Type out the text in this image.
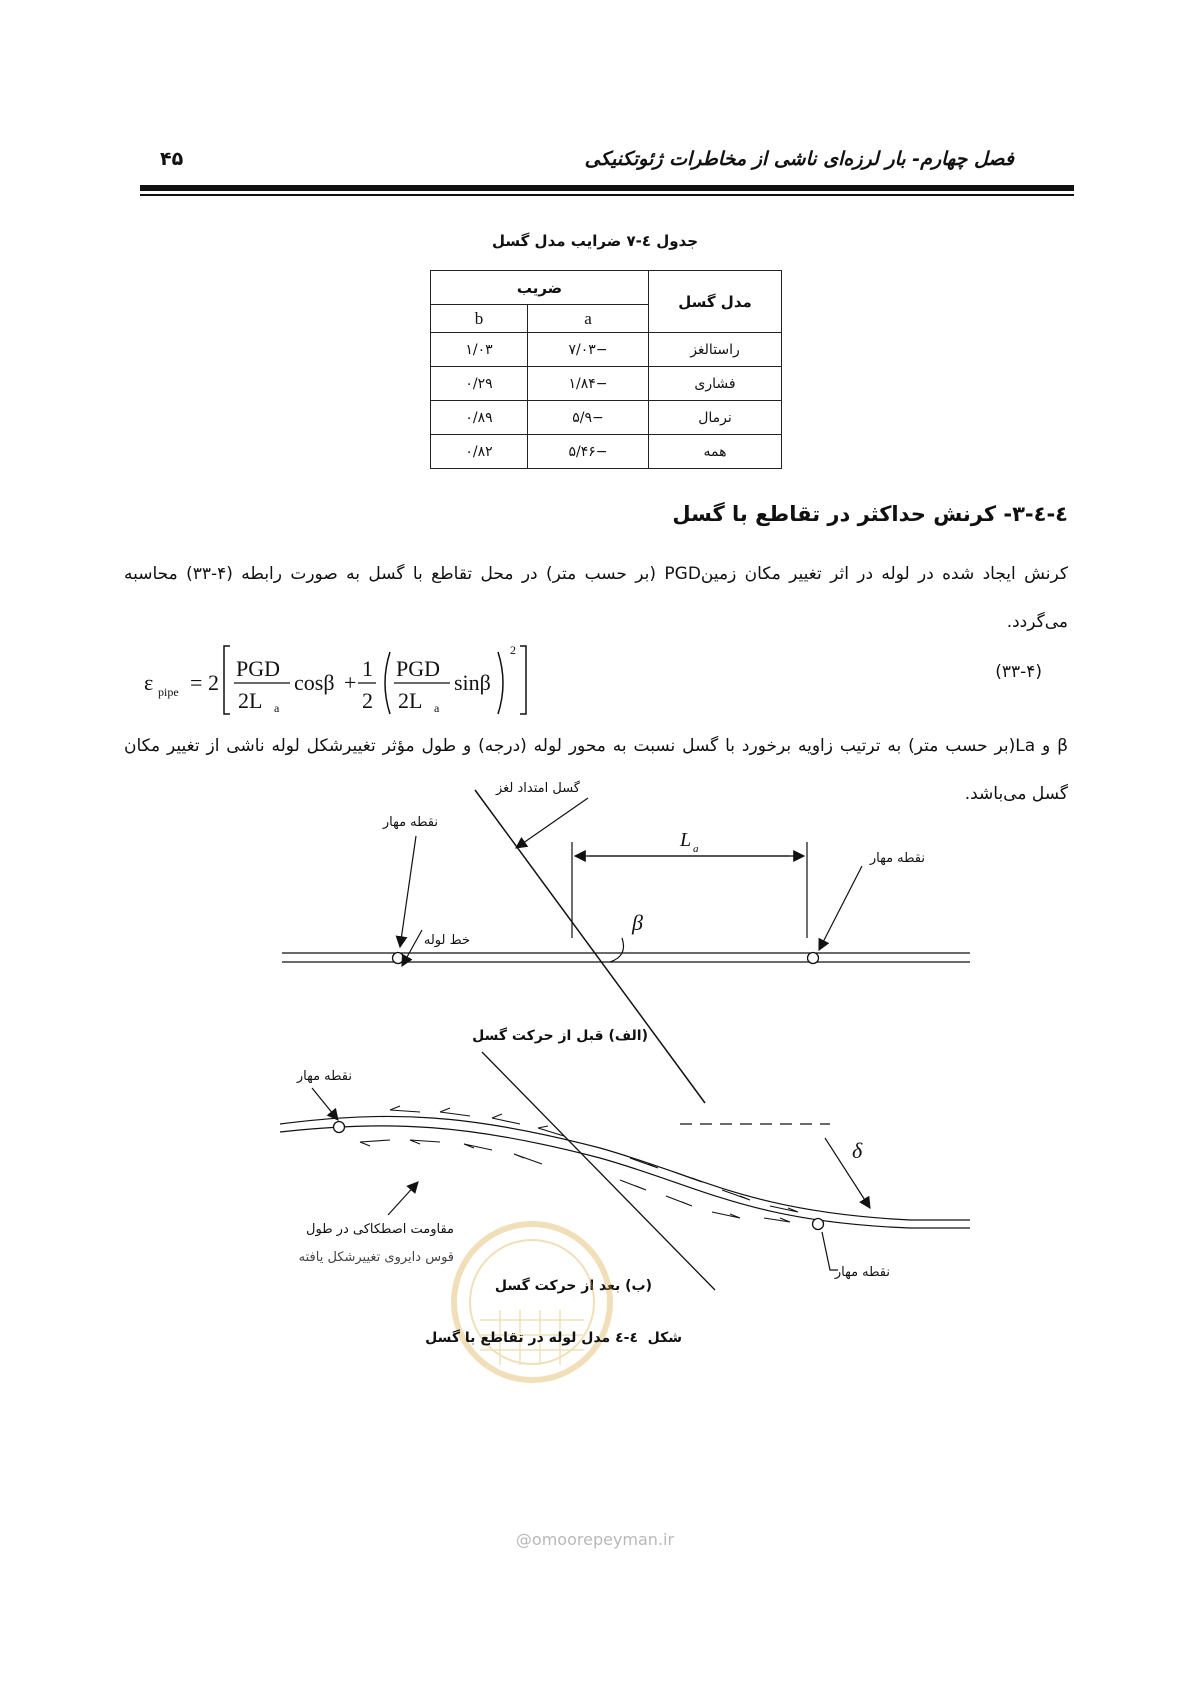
۴۵	فصل چهارم- بار لرزه‌ای ناشی از مخاطرات ژئوتکنیکی
جدول ٤-۷ ضرایب مدل گسل
مدل گسل	ضریب	
	a	b
راستالغز	−۷/۰۳	۱/۰۳
فشاری	−۱/۸۴	۰/۲۹
نرمال	−۵/۹	۰/۸۹
همه	−۵/۴۶	۰/۸۲
٤-٤-۳- کرنش حداکثر در تقاطع با گسل
کرنش ایجاد شده در لوله در اثر تغییر مکان زمینPGD (بر حسب متر) در محل تقاطع با گسل به صورت رابطه (۴-۳۳) محاسبه می‌گردد.
ε pipe = 2
PGD
2L a
cosβ +
1
2
PGD
2L a
sinβ
2
(۳۳-۴)
β و La(بر حسب متر) به ترتیب زاویه برخورد با گسل نسبت به محور لوله (درجه) و طول مؤثر تغییرشکل لوله ناشی از تغییر مکان گسل می‌باشد.
گسل امتداد لغز
L a
نقطه مهار
نقطه مهار
خط لوله
β
(الف) قبل از حرکت گسل
δ
نقطه مهار
نقطه مهار
مقاومت اصطکاکی در طول
قوس دایروی تغییرشکل یافته
(ب) بعد از حرکت گسل
شکل
٤-٤ مدل لوله در تقاطع با گسل
@omoorepeyman.ir
